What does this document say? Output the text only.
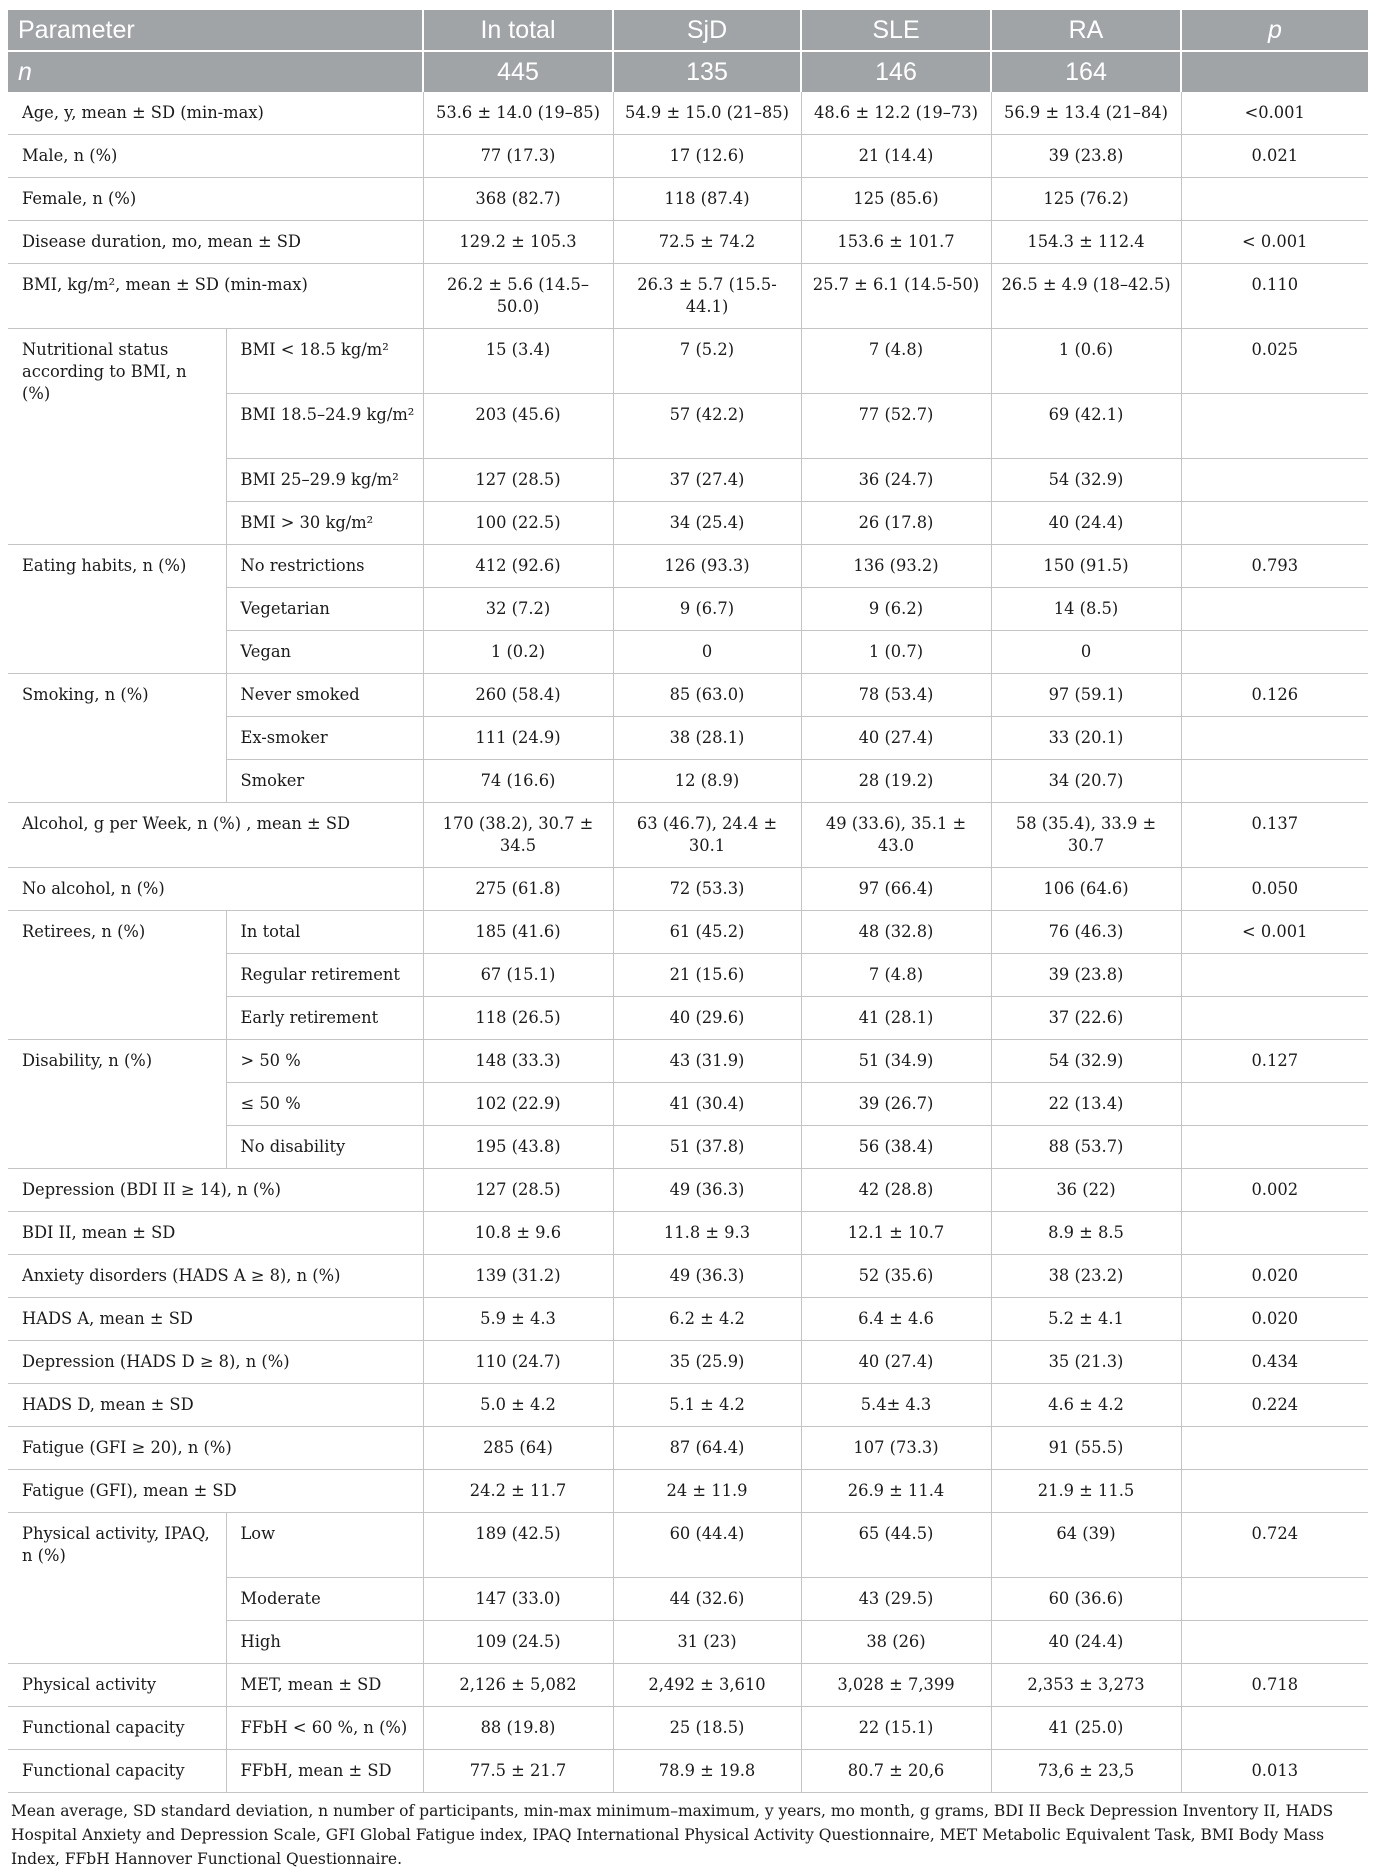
Parameter		In total	SjD	SLE	RA	p
n		445	135	146	164	
Age, y, mean ± SD (min-max)		53.6 ± 14.0 (19–85)	54.9 ± 15.0 (21–85)	48.6 ± 12.2 (19–73)	56.9 ± 13.4 (21–84)	<0.001
Male, n (%)		77 (17.3)	17 (12.6)	21 (14.4)	39 (23.8)	0.021
Female, n (%)		368 (82.7)	118 (87.4)	125 (85.6)	125 (76.2)	
Disease duration, mo, mean ± SD		129.2 ± 105.3	72.5 ± 74.2	153.6 ± 101.7	154.3 ± 112.4	< 0.001
BMI, kg/m², mean ± SD (min-max)		26.2 ± 5.6 (14.5–50.0)	26.3 ± 5.7 (15.5-44.1)	25.7 ± 6.1 (14.5-50)	26.5 ± 4.9 (18–42.5)	0.110
Nutritional status according to BMI, n (%)	BMI < 18.5 kg/m²	15 (3.4)	7 (5.2)	7 (4.8)	1 (0.6)	0.025
	BMI 18.5–24.9 kg/m²	203 (45.6)	57 (42.2)	77 (52.7)	69 (42.1)	
	BMI 25–29.9 kg/m²	127 (28.5)	37 (27.4)	36 (24.7)	54 (32.9)	
	BMI > 30 kg/m²	100 (22.5)	34 (25.4)	26 (17.8)	40 (24.4)	
Eating habits, n (%)	No restrictions	412 (92.6)	126 (93.3)	136 (93.2)	150 (91.5)	0.793
	Vegetarian	32 (7.2)	9 (6.7)	9 (6.2)	14 (8.5)	
	Vegan	1 (0.2)	0	1 (0.7)	0	
Smoking, n (%)	Never smoked	260 (58.4)	85 (63.0)	78 (53.4)	97 (59.1)	0.126
	Ex-smoker	111 (24.9)	38 (28.1)	40 (27.4)	33 (20.1)	
	Smoker	74 (16.6)	12 (8.9)	28 (19.2)	34 (20.7)	
Alcohol, g per Week, n (%) , mean ± SD		170 (38.2), 30.7 ± 34.5	63 (46.7), 24.4 ± 30.1	49 (33.6), 35.1 ± 43.0	58 (35.4), 33.9 ± 30.7	0.137
No alcohol, n (%)		275 (61.8)	72 (53.3)	97 (66.4)	106 (64.6)	0.050
Retirees, n (%)	In total	185 (41.6)	61 (45.2)	48 (32.8)	76 (46.3)	< 0.001
	Regular retirement	67 (15.1)	21 (15.6)	7 (4.8)	39 (23.8)	
	Early retirement	118 (26.5)	40 (29.6)	41 (28.1)	37 (22.6)	
Disability, n (%)	> 50 %	148 (33.3)	43 (31.9)	51 (34.9)	54 (32.9)	0.127
	≤ 50 %	102 (22.9)	41 (30.4)	39 (26.7)	22 (13.4)	
	No disability	195 (43.8)	51 (37.8)	56 (38.4)	88 (53.7)	
Depression (BDI II ≥ 14), n (%)		127 (28.5)	49 (36.3)	42 (28.8)	36 (22)	0.002
BDI II, mean ± SD		10.8 ± 9.6	11.8 ± 9.3	12.1 ± 10.7	8.9 ± 8.5	
Anxiety disorders (HADS A ≥ 8), n (%)		139 (31.2)	49 (36.3)	52 (35.6)	38 (23.2)	0.020
HADS A, mean ± SD		5.9 ± 4.3	6.2 ± 4.2	6.4 ± 4.6	5.2 ± 4.1	0.020
Depression (HADS D ≥ 8), n (%)		110 (24.7)	35 (25.9)	40 (27.4)	35 (21.3)	0.434
HADS D, mean ± SD		5.0 ± 4.2	5.1 ± 4.2	5.4± 4.3	4.6 ± 4.2	0.224
Fatigue (GFI ≥ 20), n (%)		285 (64)	87 (64.4)	107 (73.3)	91 (55.5)	
Fatigue (GFI), mean ± SD		24.2 ± 11.7	24 ± 11.9	26.9 ± 11.4	21.9 ± 11.5	
Physical activity, IPAQ, n (%)	Low	189 (42.5)	60 (44.4)	65 (44.5)	64 (39)	0.724
	Moderate	147 (33.0)	44 (32.6)	43 (29.5)	60 (36.6)	
	High	109 (24.5)	31 (23)	38 (26)	40 (24.4)	
Physical activity	MET, mean ± SD	2,126 ± 5,082	2,492 ± 3,610	3,028 ± 7,399	2,353 ± 3,273	0.718
Functional capacity	FFbH < 60 %, n (%)	88 (19.8)	25 (18.5)	22 (15.1)	41 (25.0)	
Functional capacity	FFbH, mean ± SD	77.5 ± 21.7	78.9 ± 19.8	80.7 ± 20,6	73,6 ± 23,5	0.013
Mean average, SD standard deviation, n number of participants, min-max minimum–maximum, y years, mo month, g grams, BDI II Beck Depression Inventory II, HADS Hospital Anxiety and Depression Scale, GFI Global Fatigue index, IPAQ International Physical Activity Questionnaire, MET Metabolic Equivalent Task, BMI Body Mass Index, FFbH Hannover Functional Questionnaire.
